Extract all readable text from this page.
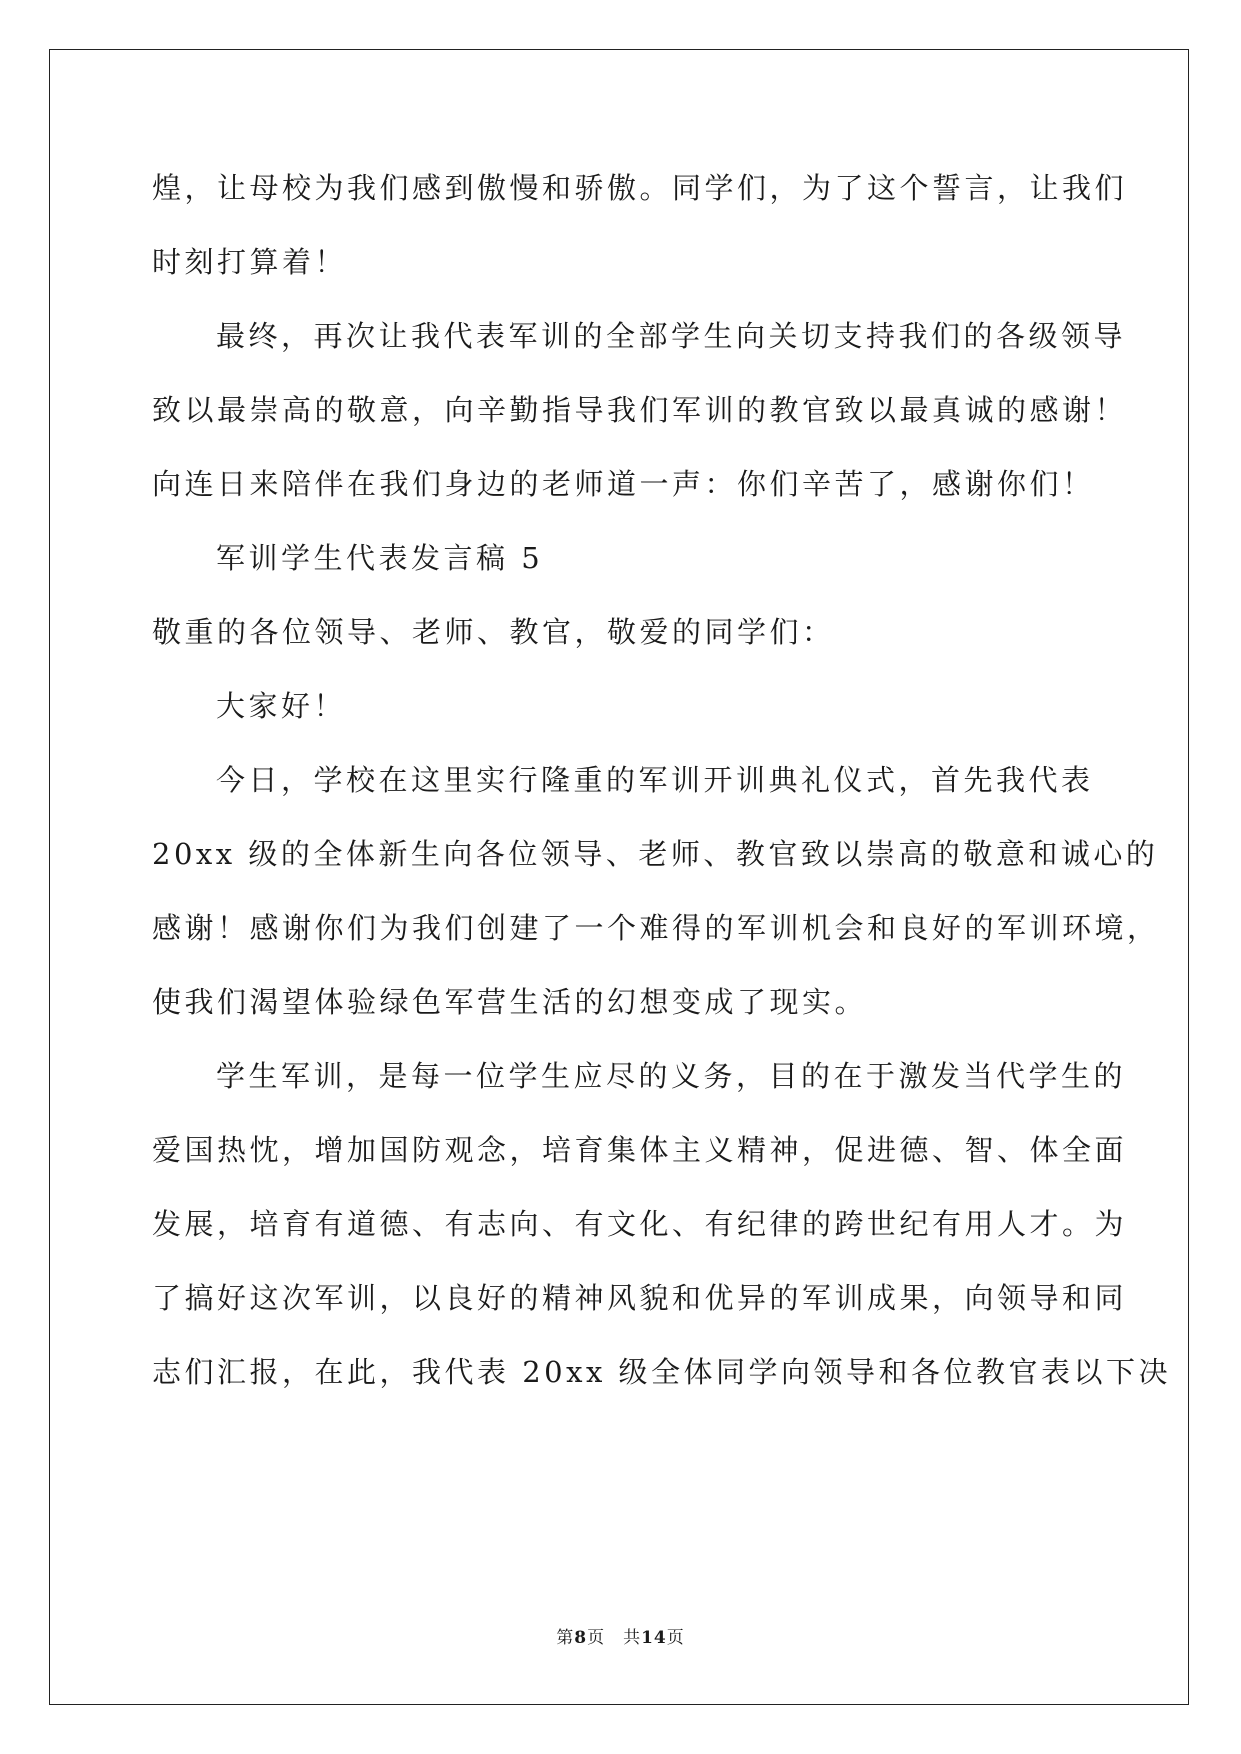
煌，让母校为我们感到傲慢和骄傲。同学们，为了这个誓言，让我们
时刻打算着！
最终，再次让我代表军训的全部学生向关切支持我们的各级领导
致以最崇高的敬意，向辛勤指导我们军训的教官致以最真诚的感谢！
向连日来陪伴在我们身边的老师道一声：你们辛苦了，感谢你们！
军训学生代表发言稿 5
敬重的各位领导、老师、教官，敬爱的同学们：
大家好！
今日，学校在这里实行隆重的军训开训典礼仪式，首先我代表
20xx 级的全体新生向各位领导、老师、教官致以崇高的敬意和诚心的
感谢！感谢你们为我们创建了一个难得的军训机会和良好的军训环境，
使我们渴望体验绿色军营生活的幻想变成了现实。
学生军训，是每一位学生应尽的义务，目的在于激发当代学生的
爱国热忱，增加国防观念，培育集体主义精神，促进德、智、体全面
发展，培育有道德、有志向、有文化、有纪律的跨世纪有用人才。为
了搞好这次军训，以良好的精神风貌和优异的军训成果，向领导和同
志们汇报，在此，我代表 20xx 级全体同学向领导和各位教官表以下决
第8页 共14页
